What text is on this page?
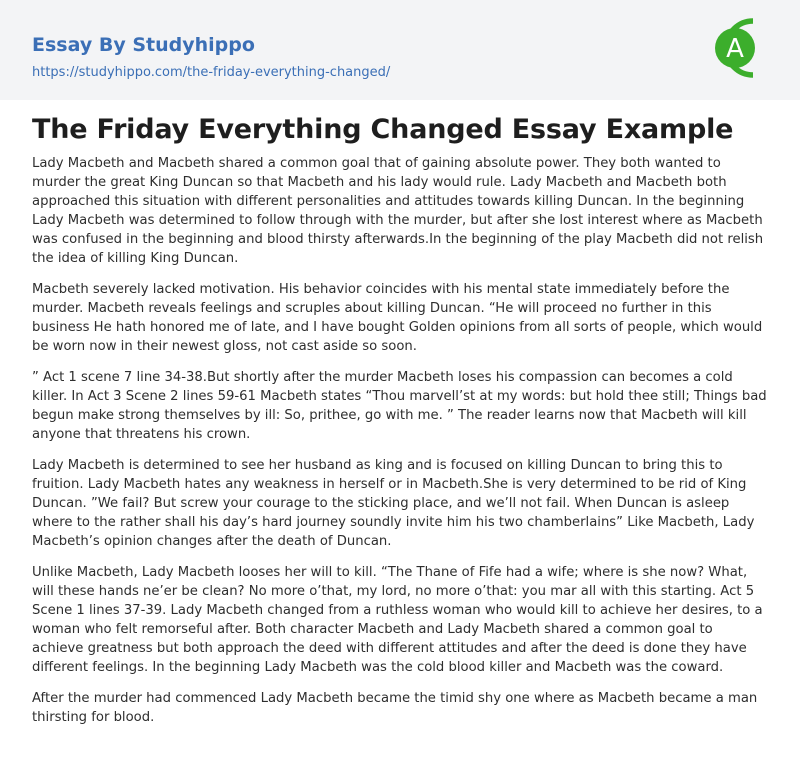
Essay By Studyhippo
https://studyhippo.com/the-friday-everything-changed/
A
The Friday Everything Changed Essay Example

Lady Macbeth and Macbeth shared a common goal that of gaining absolute power. They both wanted to murder the great King Duncan so that Macbeth and his lady would rule. Lady Macbeth and Macbeth both approached this situation with different personalities and attitudes towards killing Duncan. In the beginning Lady Macbeth was determined to follow through with the murder, but after she lost interest where as Macbeth was confused in the beginning and blood thirsty afterwards.In the beginning of the play Macbeth did not relish the idea of killing King Duncan.

Macbeth severely lacked motivation. His behavior coincides with his mental state immediately before the murder. Macbeth reveals feelings and scruples about killing Duncan. “He will proceed no further in this business He hath honored me of late, and I have bought Golden opinions from all sorts of people, which would be worn now in their newest gloss, not cast aside so soon.

” Act 1 scene 7 line 34-38.But shortly after the murder Macbeth loses his compassion can becomes a cold killer. In Act 3 Scene 2 lines 59-61 Macbeth states “Thou marvell’st at my words: but hold thee still; Things bad begun make strong themselves by ill: So, prithee, go with me. ” The reader learns now that Macbeth will kill anyone that threatens his crown.

Lady Macbeth is determined to see her husband as king and is focused on killing Duncan to bring this to fruition. Lady Macbeth hates any weakness in herself or in Macbeth.She is very determined to be rid of King Duncan. ”We fail? But screw your courage to the sticking place, and we’ll not fail. When Duncan is asleep where to the rather shall his day’s hard journey soundly invite him his two chamberlains” Like Macbeth, Lady Macbeth’s opinion changes after the death of Duncan.

Unlike Macbeth, Lady Macbeth looses her will to kill. “The Thane of Fife had a wife; where is she now? What, will these hands ne’er be clean? No more o’that, my lord, no more o’that: you mar all with this starting. Act 5 Scene 1 lines 37-39. Lady Macbeth changed from a ruthless woman who would kill to achieve her desires, to a woman who felt remorseful after. Both character Macbeth and Lady Macbeth shared a common goal to achieve greatness but both approach the deed with different attitudes and after the deed is done they have different feelings. In the beginning Lady Macbeth was the cold blood killer and Macbeth was the coward.

After the murder had commenced Lady Macbeth became the timid shy one where as Macbeth became a man thirsting for blood.
